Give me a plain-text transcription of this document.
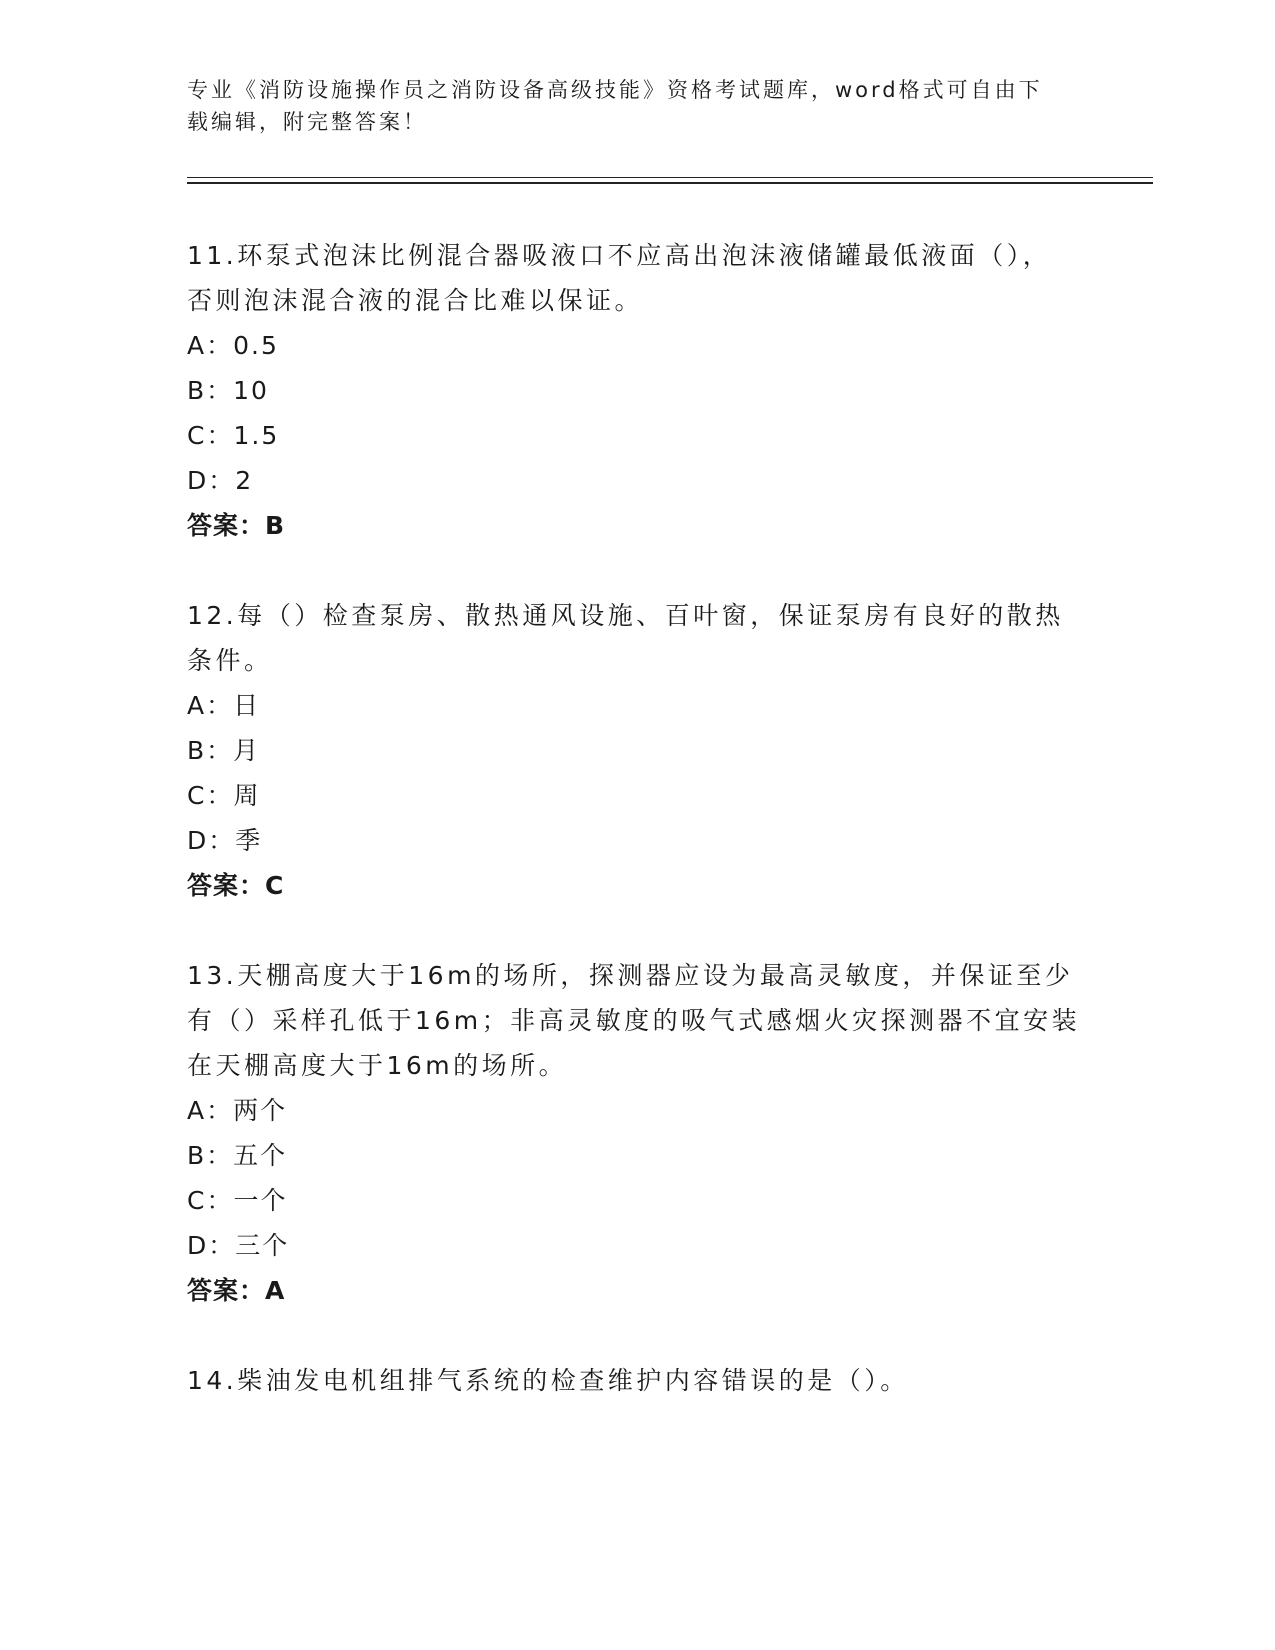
专业《消防设施操作员之消防设备高级技能》资格考试题库，word格式可自由下
载编辑，附完整答案！

11.环泵式泡沫比例混合器吸液口不应高出泡沫液储罐最低液面（），

否则泡沫混合液的混合比难以保证。

A：0.5

B：10

C：1.5

D：2

答案：B

12.每（）检查泵房、散热通风设施、百叶窗，保证泵房有良好的散热

条件。

A：日

B：月

C：周

D：季

答案：C

13.天棚高度大于16m的场所，探测器应设为最高灵敏度，并保证至少

有（）采样孔低于16m；非高灵敏度的吸气式感烟火灾探测器不宜安装

在天棚高度大于16m的场所。

A：两个

B：五个

C：一个

D：三个

答案：A

14.柴油发电机组排气系统的检查维护内容错误的是（）。
